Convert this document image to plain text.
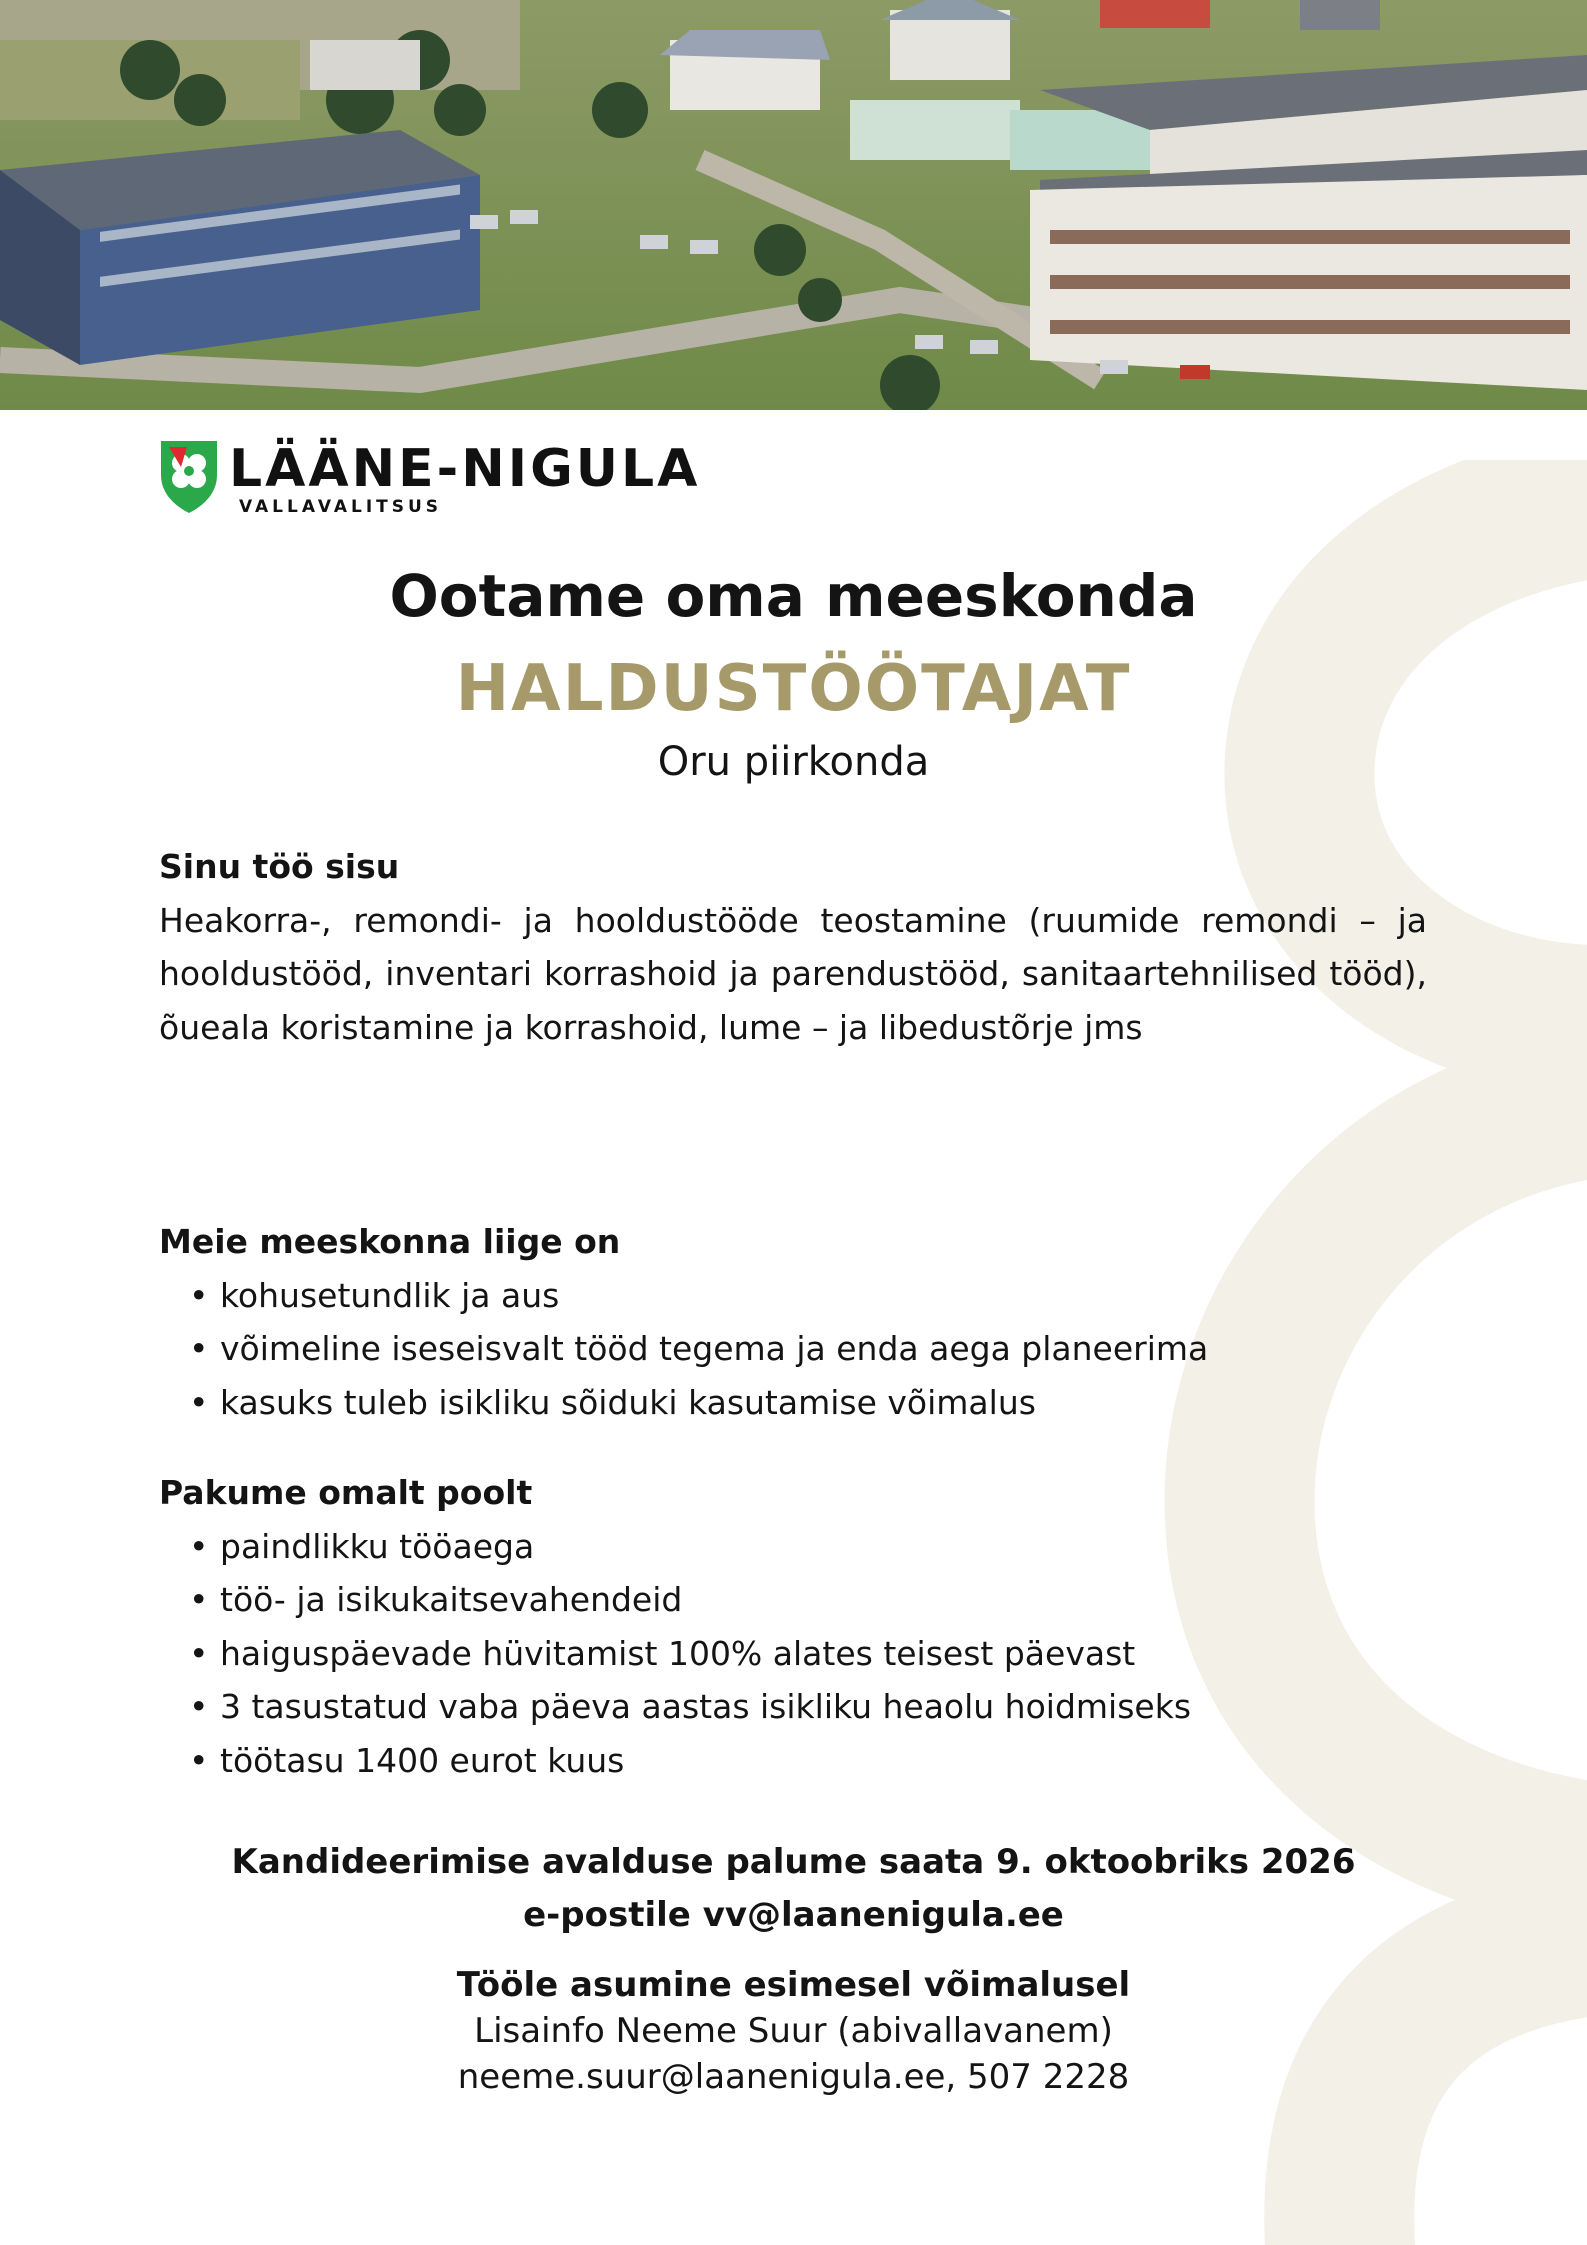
LÄÄNE-NIGULA
VALLAVALITSUS
Ootame oma meeskonda
HALDUSTÖÖTAJAT
Oru piirkonda
Sinu töö sisu
Heakorra-, remondi- ja hooldustööde teostamine (ruumide remondi – ja hooldustööd, inventari korrashoid ja parendustööd, sanitaartehnilised tööd), õueala koristamine ja korrashoid, lume – ja libedustõrje jms
Meie meeskonna liige on
• kohusetundlik ja aus
• võimeline iseseisvalt tööd tegema ja enda aega planeerima
• kasuks tuleb isikliku sõiduki kasutamise võimalus
Pakume omalt poolt
• paindlikku tööaega
• töö- ja isikukaitsevahendeid
• haiguspäevade hüvitamist 100% alates teisest päevast
• 3 tasustatud vaba päeva aastas isikliku heaolu hoidmiseks
• töötasu 1400 eurot kuus
Kandideerimise avalduse palume saata 9. oktoobriks 2026
e-postile vv@laanenigula.ee
Tööle asumine esimesel võimalusel
Lisainfo Neeme Suur (abivallavanem)
neeme.suur@laanenigula.ee, 507 2228
